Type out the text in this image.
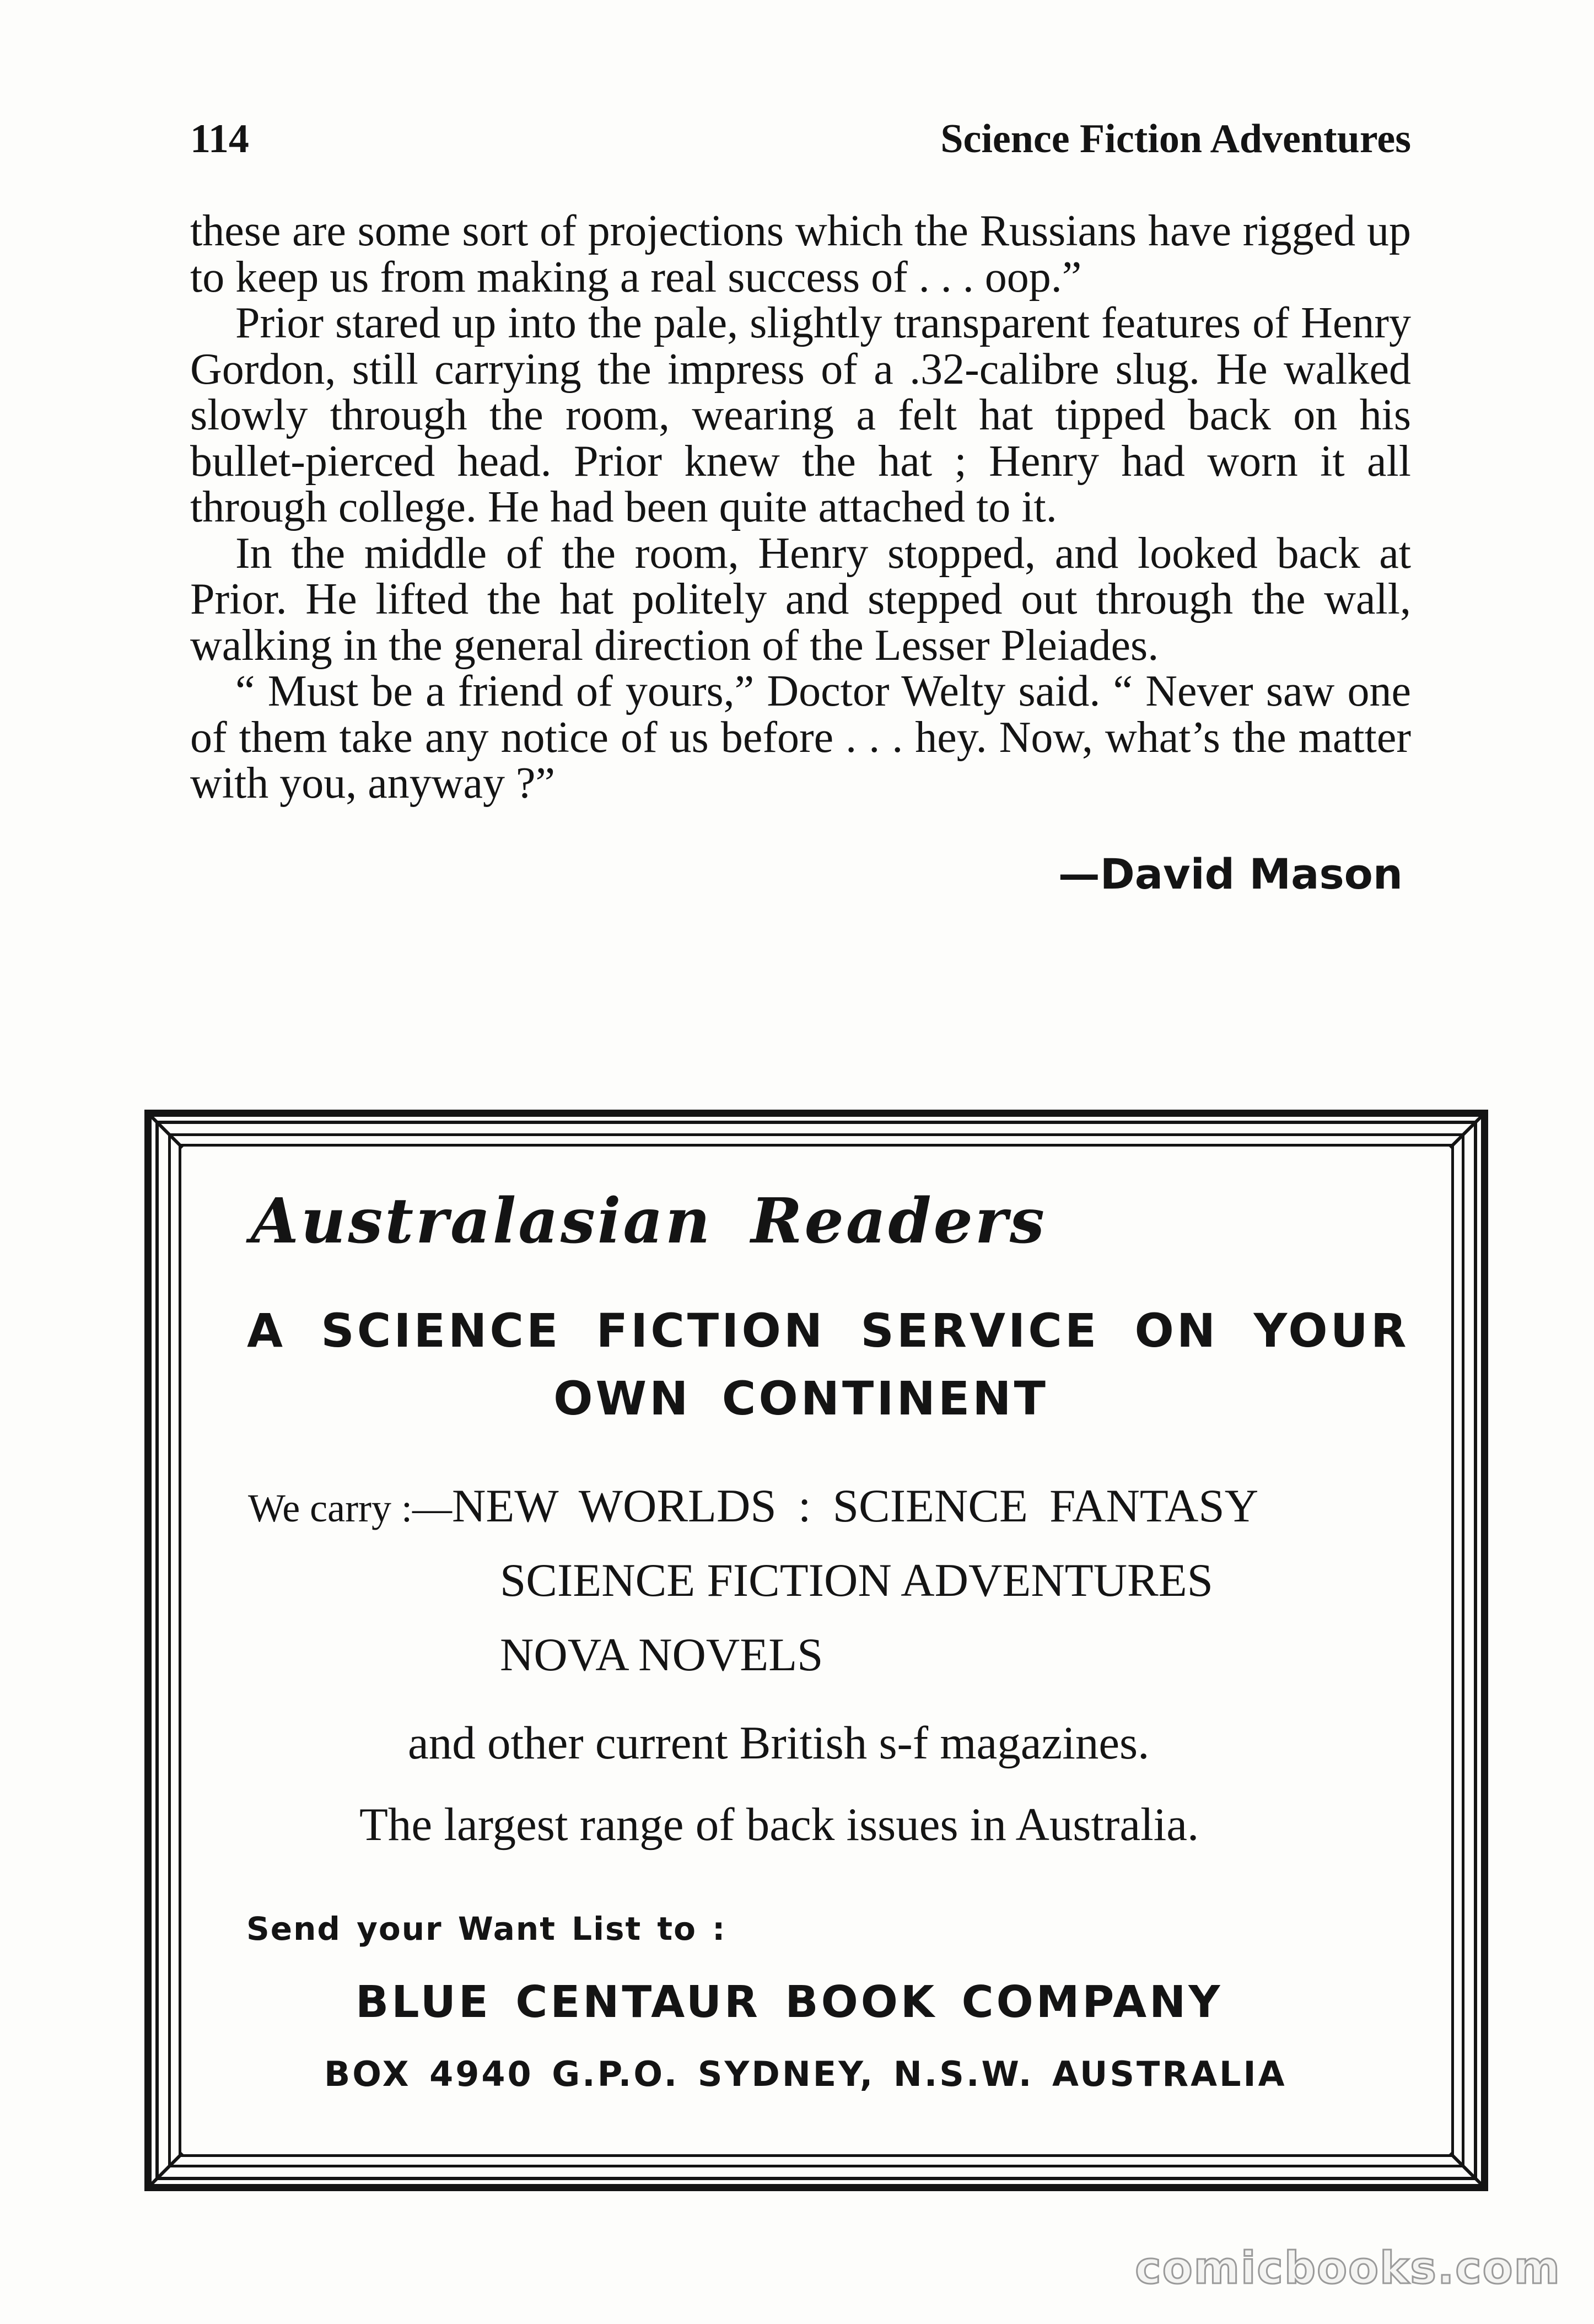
114	Science Fiction Adventures

these are some sort of projections which the Russians have rigged up to keep us from making a real success of . . . oop.”

Prior stared up into the pale, slightly transparent features of Henry Gordon, still carrying the impress of a .32-calibre slug. He walked slowly through the room, wearing a felt hat tipped back on his bullet-pierced head. Prior knew the hat ; Henry had worn it all through college. He had been quite attached to it.

In the middle of the room, Henry stopped, and looked back at Prior. He lifted the hat politely and stepped out through the wall, walking in the general direction of the Lesser Pleiades.

“ Must be a friend of yours,” Doctor Welty said. “ Never saw one of them take any notice of us before . . . hey. Now, what’s the matter with you, anyway ?”

—David Mason
Australasian Readers
A SCIENCE FICTION SERVICE ON YOUR
OWN CONTINENT
We carry :—NEW WORLDS : SCIENCE FANTASY
SCIENCE FICTION ADVENTURES
NOVA NOVELS
and other current British s-f magazines.
The largest range of back issues in Australia.
Send your Want List to :
BLUE CENTAUR BOOK COMPANY
BOX 4940 G.P.O. SYDNEY, N.S.W. AUSTRALIA
comicbooks.com
